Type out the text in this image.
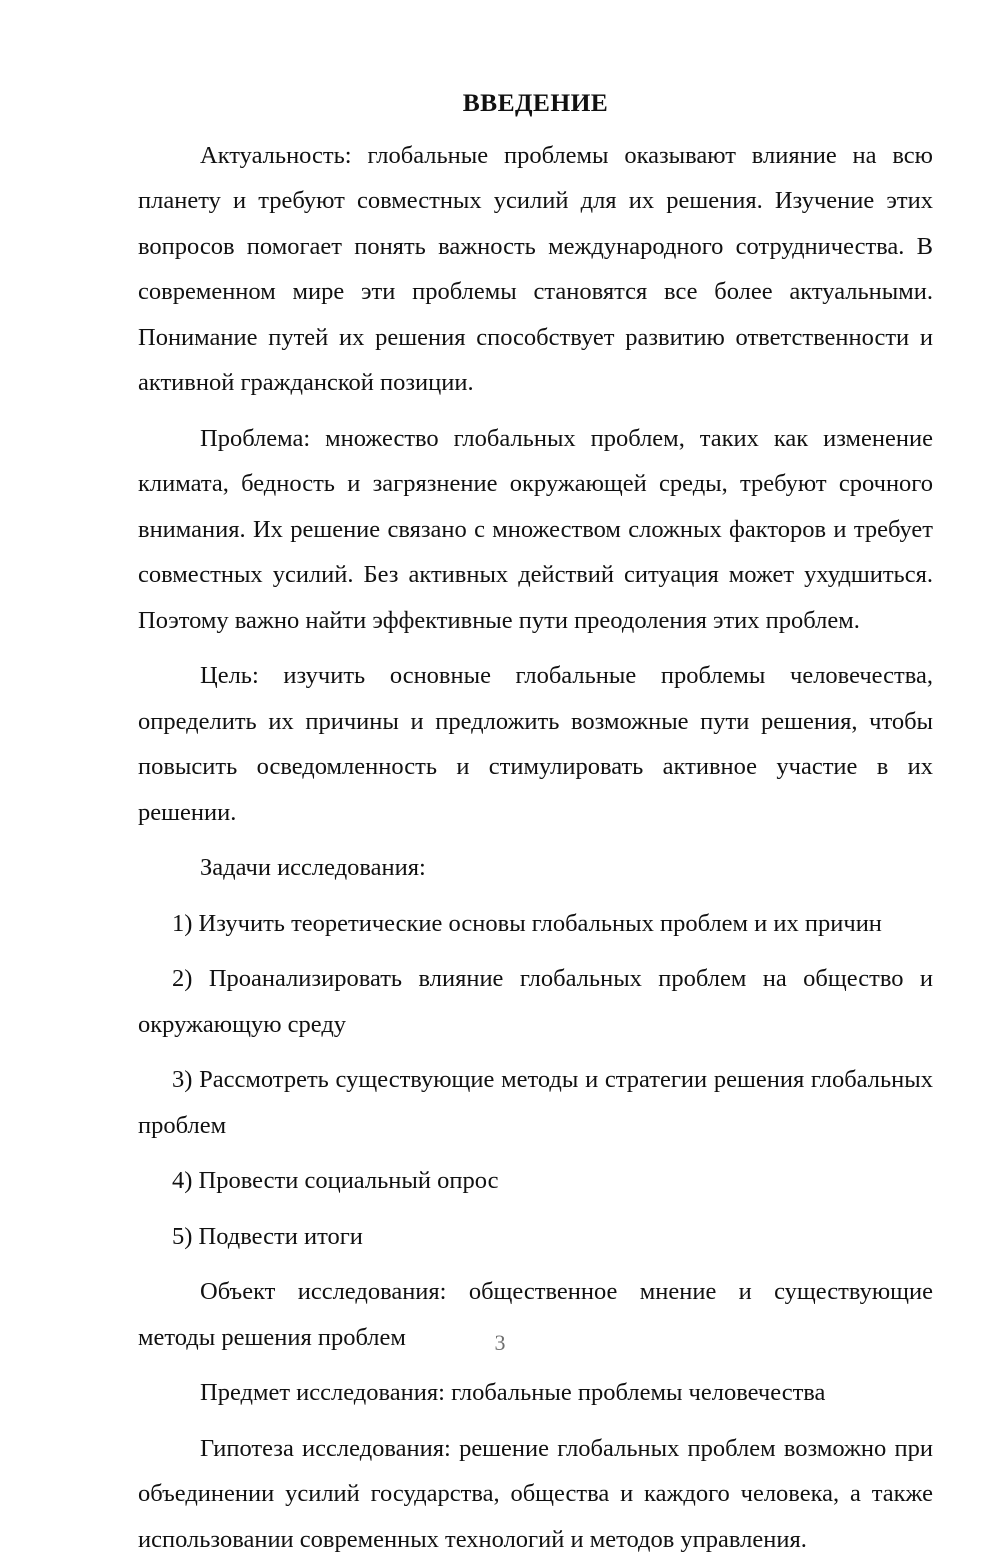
ВВЕДЕНИЕ

Актуальность: глобальные проблемы оказывают влияние на всю планету и требуют совместных усилий для их решения. Изучение этих вопросов помогает понять важность международного сотрудничества. В современном мире эти проблемы становятся все более актуальными. Понимание путей их решения способствует развитию ответственности и активной гражданской позиции.

Проблема: множество глобальных проблем, таких как изменение климата, бедность и загрязнение окружающей среды, требуют срочного внимания. Их решение связано с множеством сложных факторов и требует совместных усилий. Без активных действий ситуация может ухудшиться. Поэтому важно найти эффективные пути преодоления этих проблем.

Цель: изучить основные глобальные проблемы человечества, определить их причины и предложить возможные пути решения, чтобы повысить осведомленность и стимулировать активное участие в их решении.

Задачи исследования:

1) Изучить теоретические основы глобальных проблем и их причин

2) Проанализировать влияние глобальных проблем на общество и окружающую среду

3) Рассмотреть существующие методы и стратегии решения глобальных проблем

4) Провести социальный опрос

5) Подвести итоги

Объект исследования: общественное мнение и существующие методы решения проблем

Предмет исследования: глобальные проблемы человечества

Гипотеза исследования: решение глобальных проблем возможно при объединении усилий государства, общества и каждого человека, а также использовании современных технологий и методов управления.

3
